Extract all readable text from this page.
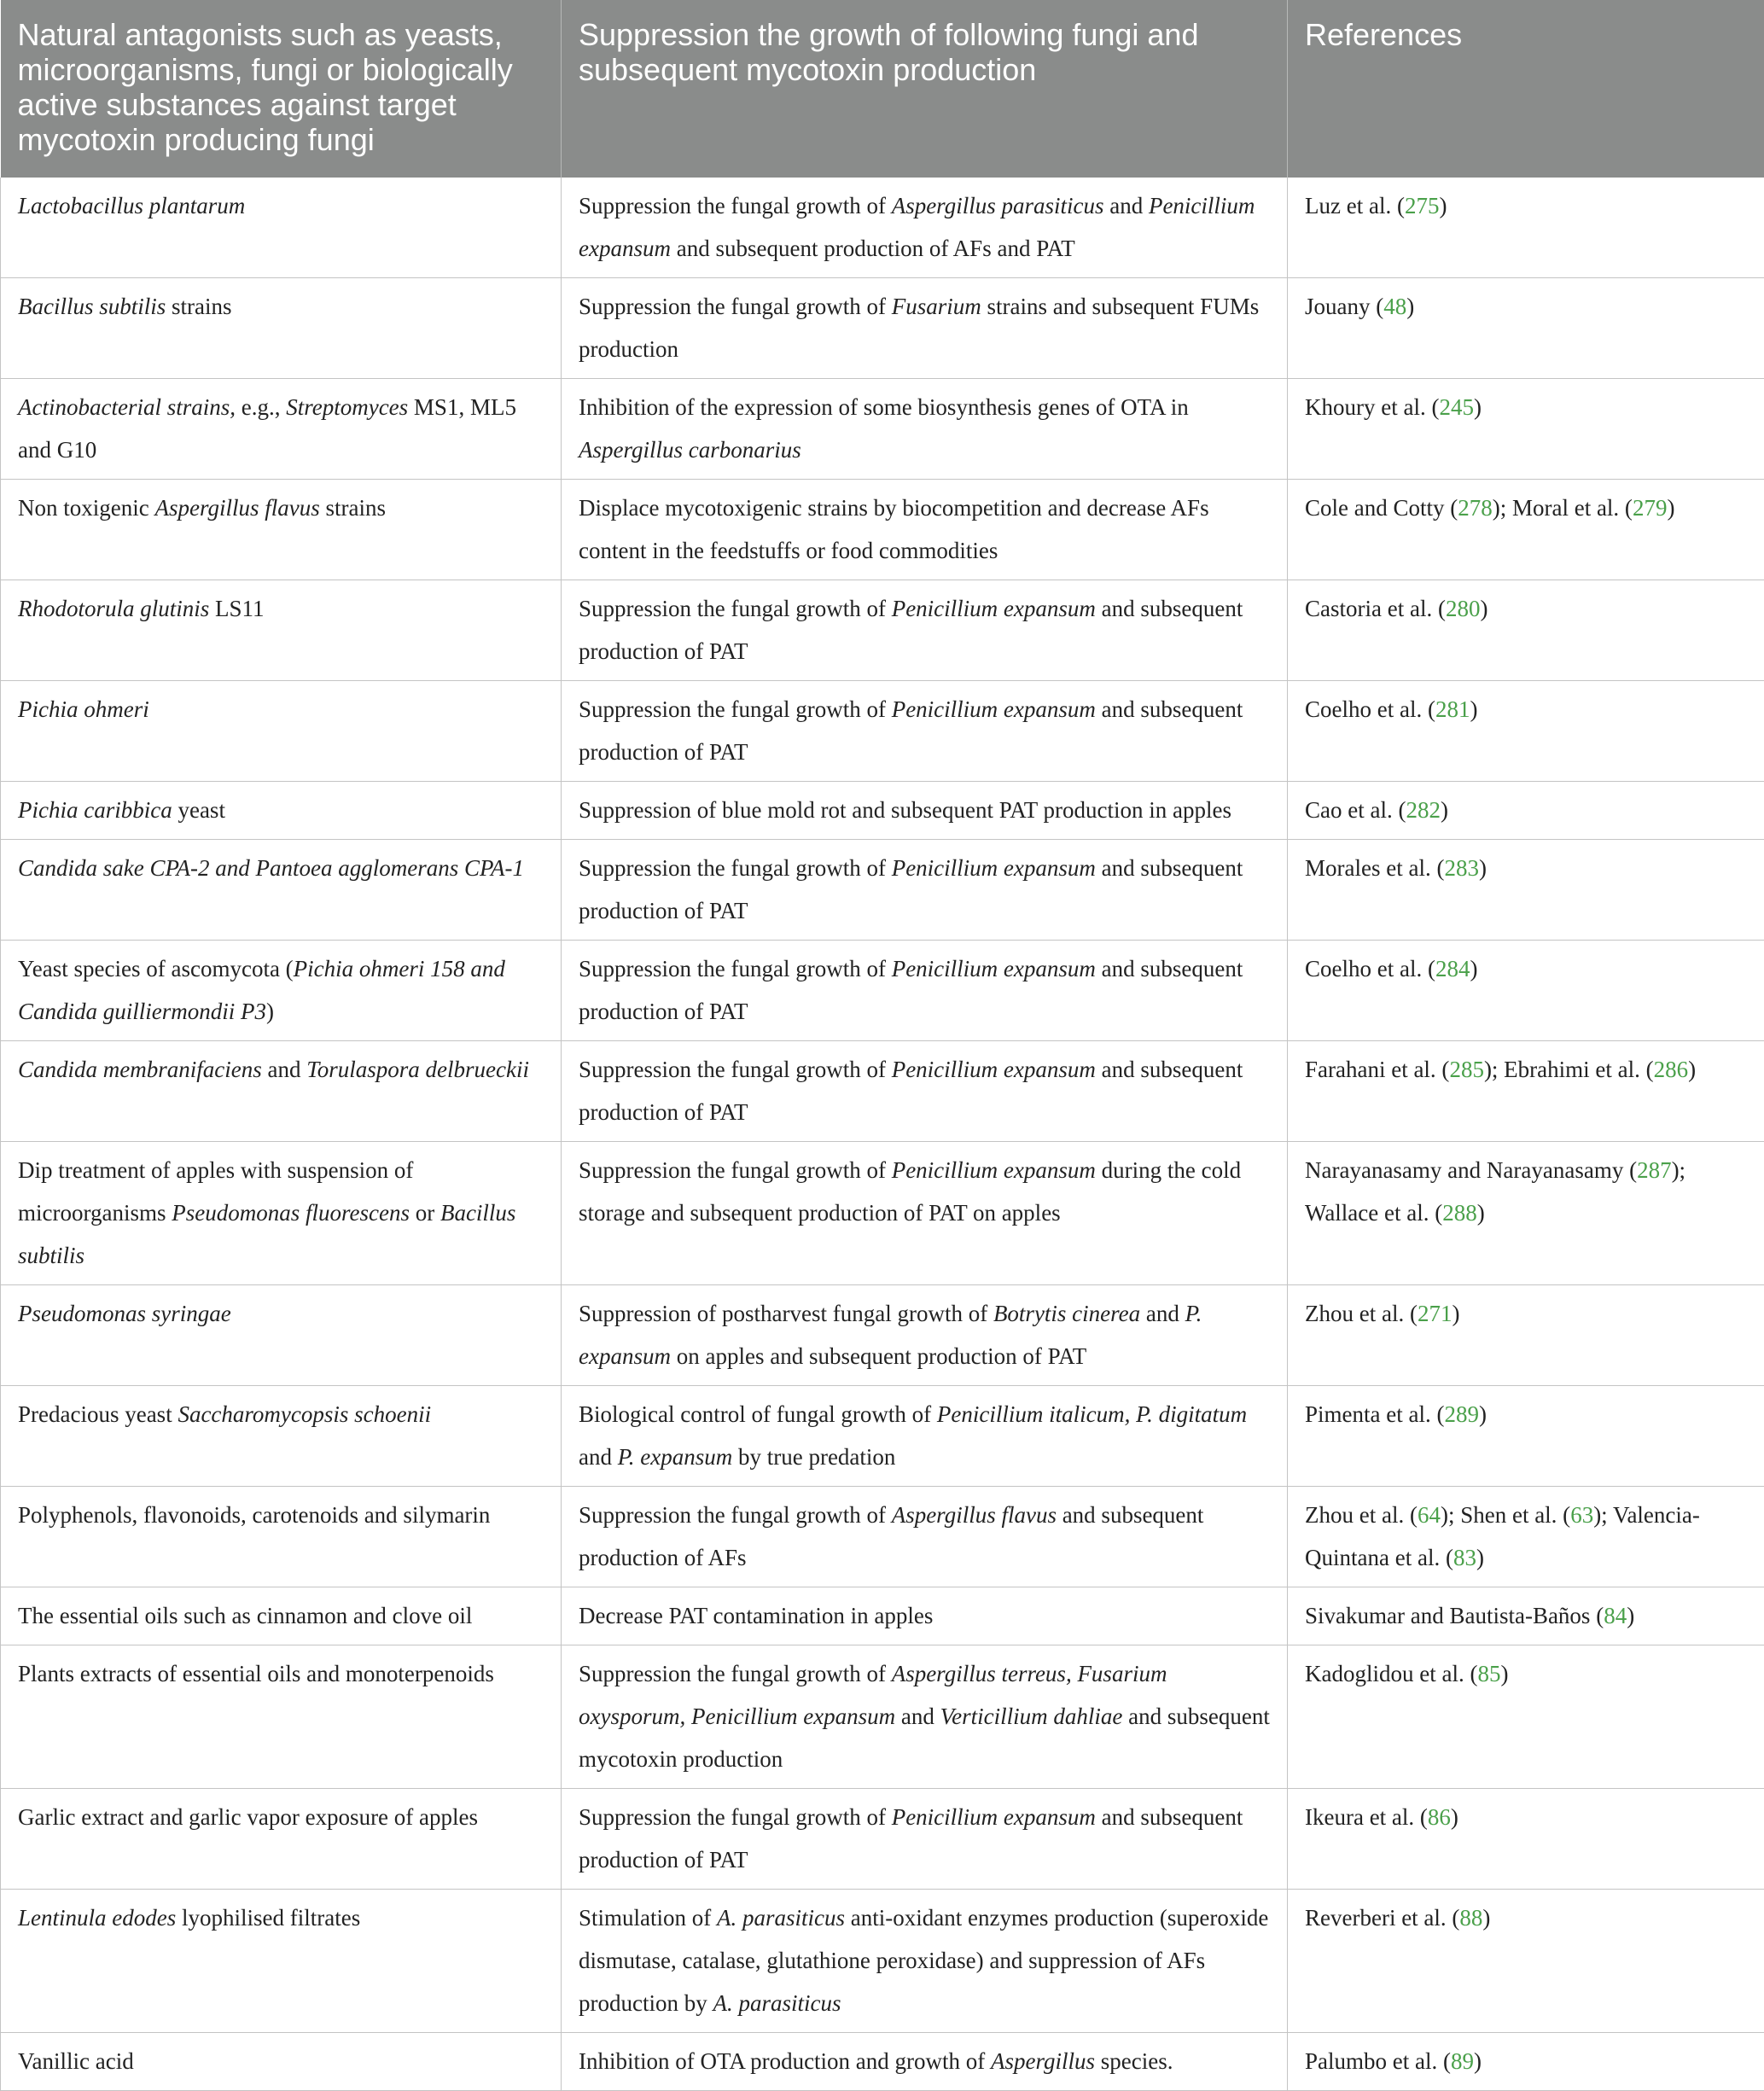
Natural antagonists such as yeasts, microorganisms, fungi or biologically active substances against target mycotoxin producing fungi	Suppression the growth of following fungi and subsequent mycotoxin production	References
Lactobacillus plantarum	Suppression the fungal growth of Aspergillus parasiticus and Penicillium expansum and subsequent production of AFs and PAT	Luz et al. (275)
Bacillus subtilis strains	Suppression the fungal growth of Fusarium strains and subsequent FUMs production	Jouany (48)
Actinobacterial strains, e.g., Streptomyces MS1, ML5 and G10	Inhibition of the expression of some biosynthesis genes of OTA in Aspergillus carbonarius	Khoury et al. (245)
Non toxigenic Aspergillus flavus strains	Displace mycotoxigenic strains by biocompetition and decrease AFs content in the feedstuffs or food commodities	Cole and Cotty (278); Moral et al. (279)
Rhodotorula glutinis LS11	Suppression the fungal growth of Penicillium expansum and subsequent production of PAT	Castoria et al. (280)
Pichia ohmeri	Suppression the fungal growth of Penicillium expansum and subsequent production of PAT	Coelho et al. (281)
Pichia caribbica yeast	Suppression of blue mold rot and subsequent PAT production in apples	Cao et al. (282)
Candida sake CPA-2 and Pantoea agglomerans CPA-1	Suppression the fungal growth of Penicillium expansum and subsequent production of PAT	Morales et al. (283)
Yeast species of ascomycota (Pichia ohmeri 158 and Candida guilliermondii P3)	Suppression the fungal growth of Penicillium expansum and subsequent production of PAT	Coelho et al. (284)
Candida membranifaciens and Torulaspora delbrueckii	Suppression the fungal growth of Penicillium expansum and subsequent production of PAT	Farahani et al. (285); Ebrahimi et al. (286)
Dip treatment of apples with suspension of microorganisms Pseudomonas fluorescens or Bacillus subtilis	Suppression the fungal growth of Penicillium expansum during the cold storage and subsequent production of PAT on apples	Narayanasamy and Narayanasamy (287); Wallace et al. (288)
Pseudomonas syringae	Suppression of postharvest fungal growth of Botrytis cinerea and P. expansum on apples and subsequent production of PAT	Zhou et al. (271)
Predacious yeast Saccharomycopsis schoenii	Biological control of fungal growth of Penicillium italicum, P. digitatum and P. expansum by true predation	Pimenta et al. (289)
Polyphenols, flavonoids, carotenoids and silymarin	Suppression the fungal growth of Aspergillus flavus and subsequent production of AFs	Zhou et al. (64); Shen et al. (63); Valencia-Quintana et al. (83)
The essential oils such as cinnamon and clove oil	Decrease PAT contamination in apples	Sivakumar and Bautista-Baños (84)
Plants extracts of essential oils and monoterpenoids	Suppression the fungal growth of Aspergillus terreus, Fusarium oxysporum, Penicillium expansum and Verticillium dahliae and subsequent mycotoxin production	Kadoglidou et al. (85)
Garlic extract and garlic vapor exposure of apples	Suppression the fungal growth of Penicillium expansum and subsequent production of PAT	Ikeura et al. (86)
Lentinula edodes lyophilised filtrates	Stimulation of A. parasiticus anti-oxidant enzymes production (superoxide dismutase, catalase, glutathione peroxidase) and suppression of AFs production by A. parasiticus	Reverberi et al. (88)
Vanillic acid	Inhibition of OTA production and growth of Aspergillus species.	Palumbo et al. (89)
